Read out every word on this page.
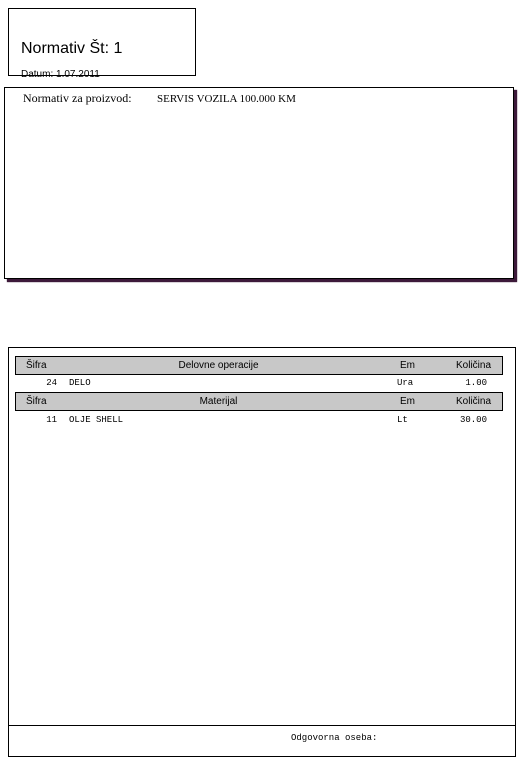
Normativ Št: 1
Datum: 1.07.2011
Normativ za proizvod: SERVIS VOZILA 100.000 KM
Šifra	Delovne operacije	Em	Količina
24 DELO	Ura	1.00
Šifra	Materijal	Em	Količina
11 OLJE SHELL	Lt	30.00
Odgovorna oseba:
